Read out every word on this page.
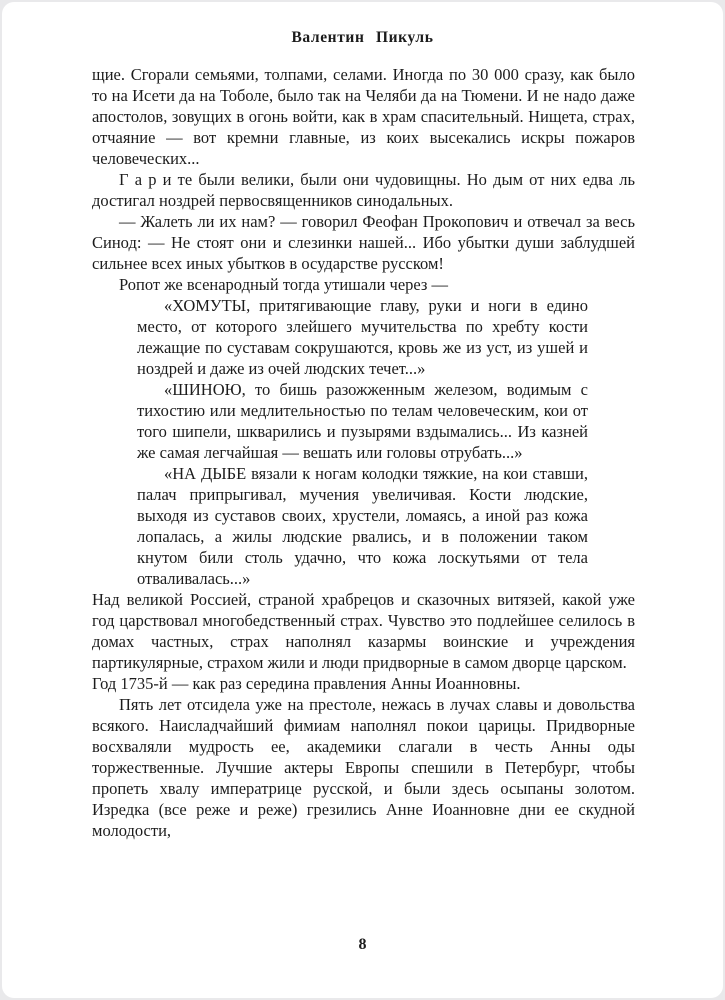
Валентин Пикуль

щие. Сгорали семьями, толпами, селами. Иногда по 30 000 сразу, как было то на Исети да на Тоболе, было так на Челяби да на Тюмени. И не надо даже апостолов, зовущих в огонь войти, как в храм спасительный. Нищета, страх, отчаяние — вот кремни главные, из коих высекались искры пожаров человеческих...

Г а р и те были велики, были они чудовищны. Но дым от них едва ль достигал ноздрей первосвященников синодальных.

— Жалеть ли их нам? — говорил Феофан Прокопович и отвечал за весь Синод: — Не стоят они и слезинки нашей... Ибо убытки души заблудшей сильнее всех иных убытков в осударстве русском!

Ропот же всенародный тогда утишали через —

«ХОМУТЫ, притягивающие главу, руки и ноги в едино место, от которого злейшего мучительства по хребту кости лежащие по суставам сокрушаются, кровь же из уст, из ушей и ноздрей и даже из очей людских течет...»

«ШИНОЮ, то бишь разожженным железом, водимым с тихостию или медлительностью по телам человеческим, кои от того шипели, шкварились и пузырями вздымались... Из казней же самая легчайшая — вешать или головы отрубать...»

«НА ДЫБЕ вязали к ногам колодки тяжкие, на кои ставши, палач припрыгивал, мучения увеличивая. Кости людские, выходя из суставов своих, хрустели, ломаясь, а иной раз кожа лопалась, а жилы людские рвались, и в положении таком кнутом били столь удачно, что кожа лоскутьями от тела отваливалась...»

Над великой Россией, страной храбрецов и сказочных витязей, какой уже год царствовал многобедственный страх. Чувство это подлейшее селилось в домах частных, страх наполнял казармы воинские и учреждения партикулярные, страхом жили и люди придворные в самом дворце царском.

Год 1735-й — как раз середина правления Анны Иоанновны.

Пять лет отсидела уже на престоле, нежась в лучах славы и довольства всякого. Наисладчайший фимиам наполнял покои царицы. Придворные восхваляли мудрость ее, академики слагали в честь Анны оды торжественные. Лучшие актеры Европы спешили в Петербург, чтобы пропеть хвалу императрице русской, и были здесь осыпаны золотом. Изредка (все реже и реже) грезились Анне Иоанновне дни ее скудной молодости,

8
